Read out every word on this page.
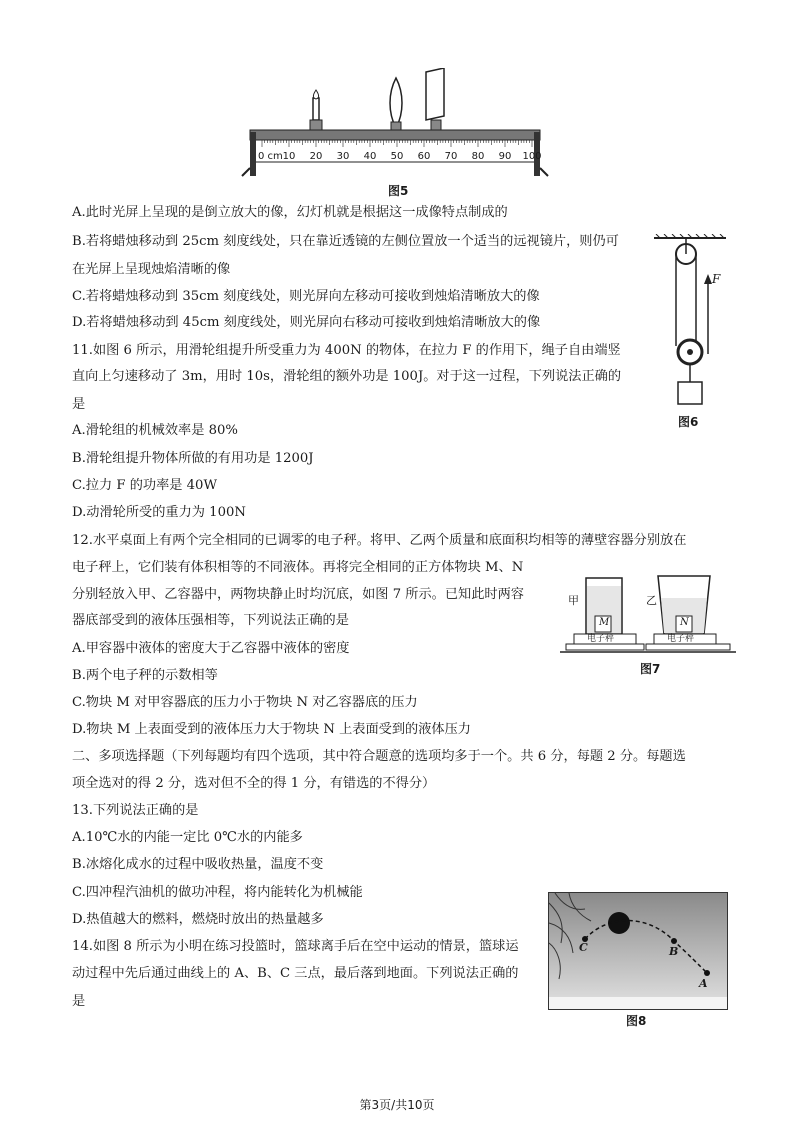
0 cm 10 20 30 40 50 60 70 80 90 100
图5
F
图6
甲	乙
M	N
电子秤	电子秤
图7
C	B
A
图8
A.此时光屏上呈现的是倒立放大的像，幻灯机就是根据这一成像特点制成的
B.若将蜡烛移动到 25cm 刻度线处，只在靠近透镜的左侧位置放一个适当的远视镜片，则仍可
在光屏上呈现烛焰清晰的像
C.若将蜡烛移动到 35cm 刻度线处，则光屏向左移动可接收到烛焰清晰放大的像
D.若将蜡烛移动到 45cm 刻度线处，则光屏向右移动可接收到烛焰清晰放大的像
11.如图 6 所示，用滑轮组提升所受重力为 400N 的物体，在拉力 F 的作用下，绳子自由端竖
直向上匀速移动了 3m，用时 10s，滑轮组的额外功是 100J。对于这一过程，下列说法正确的
是
A.滑轮组的机械效率是 80%
B.滑轮组提升物体所做的有用功是 1200J
C.拉力 F 的功率是 40W
D.动滑轮所受的重力为 100N
12.水平桌面上有两个完全相同的已调零的电子秤。将甲、乙两个质量和底面积均相等的薄壁容器分别放在
电子秤上，它们装有体积相等的不同液体。再将完全相同的正方体物块 M、N
分别轻放入甲、乙容器中，两物块静止时均沉底，如图 7 所示。已知此时两容
器底部受到的液体压强相等，下列说法正确的是
A.甲容器中液体的密度大于乙容器中液体的密度
B.两个电子秤的示数相等
C.物块 M 对甲容器底的压力小于物块 N 对乙容器底的压力
D.物块 M 上表面受到的液体压力大于物块 N 上表面受到的液体压力
二、多项选择题（下列每题均有四个选项，其中符合题意的选项均多于一个。共 6 分，每题 2 分。每题选
项全选对的得 2 分，选对但不全的得 1 分，有错选的不得分）
13.下列说法正确的是
A.10℃水的内能一定比 0℃水的内能多
B.冰熔化成水的过程中吸收热量，温度不变
C.四冲程汽油机的做功冲程，将内能转化为机械能
D.热值越大的燃料，燃烧时放出的热量越多
14.如图 8 所示为小明在练习投篮时，篮球离手后在空中运动的情景，篮球运
动过程中先后通过曲线上的 A、B、C 三点，最后落到地面。下列说法正确的
是
第3页/共10页
